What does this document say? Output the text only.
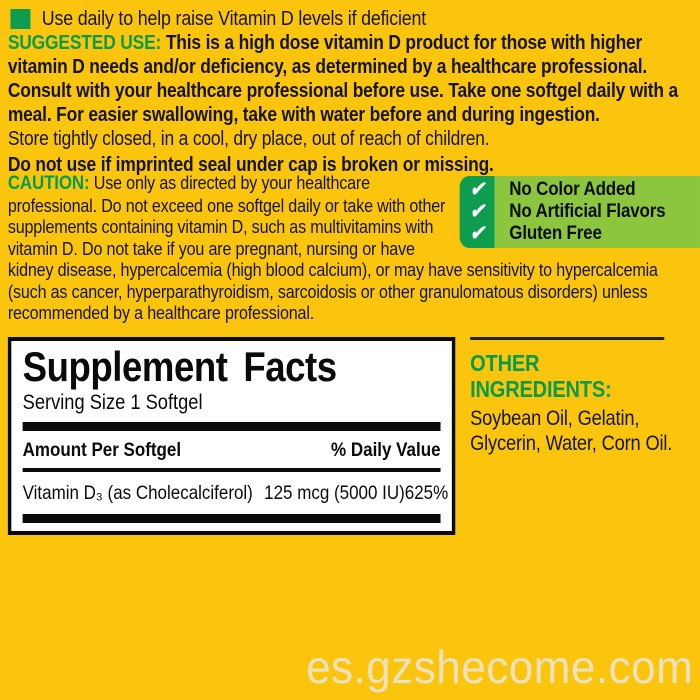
Use daily to help raise Vitamin D levels if deficient

SUGGESTED USE: This is a high dose vitamin D product for those with higher vitamin D needs and/or deficiency, as determined by a healthcare professional. Consult with your healthcare professional before use. Take one softgel daily with a meal. For easier swallowing, take with water before and during ingestion.

Store tightly closed, in a cool, dry place, out of reach of children.

Do not use if imprinted seal under cap is broken or missing.

✔	No Color Added
✔	No Artificial Flavors
✔	Gluten Free

CAUTION: Use only as directed by your healthcare professional. Do not exceed one softgel daily or take with other supplements containing vitamin D, such as multivitamins with vitamin D. Do not take if you are pregnant, nursing or have kidney disease, hypercalcemia (high blood calcium), or may have sensitivity to hypercalcemia (such as cancer, hyperparathyroidism, sarcoidosis or other granulomatous disorders) unless recommended by a healthcare professional.

Supplement Facts

Serving Size 1 Softgel

Amount Per Softgel	% Daily Value
Vitamin D₃ (as Cholecalciferol) 125 mcg (5000 IU) 625%

OTHER INGREDIENTS:

Soybean Oil, Gelatin, Glycerin, Water, Corn Oil.

es.gzshecome.com
